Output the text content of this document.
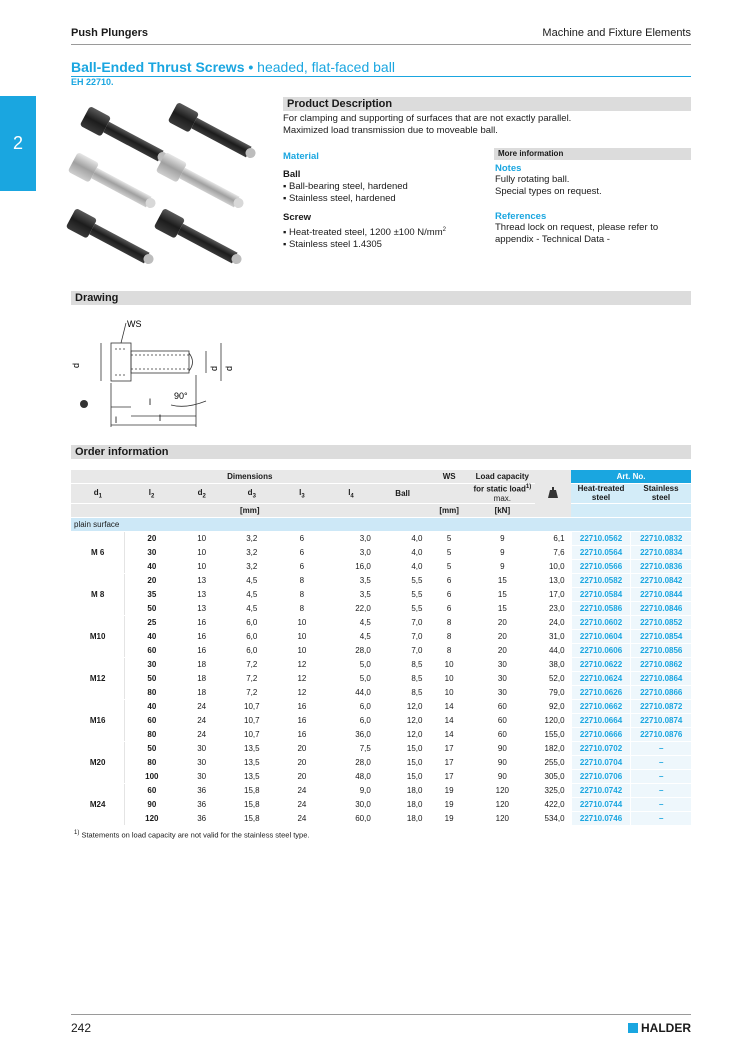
Push Plungers	Machine and Fixture Elements
2
Ball-Ended Thrust Screws • headed, flat-faced ball
EH 22710.
Product Description
For clamping and supporting of surfaces that are not exactly parallel.
Maximized load transmission due to moveable ball.
Material
Ball
▪ Ball-bearing steel, hardened
▪ Stainless steel, hardened
Screw
▪ Heat-treated steel, 1200 ±100 $N/mm^2$
▪ Stainless steel 1.4305
More information
Notes
Fully rotating ball.
Special types on request.
References
Thread lock on request, please refer to
appendix - Technical Data -
Drawing
WS
d
d d
l
90°
l	l
Order information
Dimensions							WS	Load capacity		Art. No.	
$d_1$	$l_2$	$d_2$	$d_3$	$l_3$	$l_4$	Ball		for static load$^{1)}$
max.		Heat-treated steel	Stainless steel
[mm]							[mm]	[kN]			
plain surface											
M 6	20	10	3,2	6	3,0	4,0	5	9	6,1	22710.0562	22710.0832
	30	10	3,2	6	3,0	4,0	5	9	7,6	22710.0564	22710.0834
	40	10	3,2	6	16,0	4,0	5	9	10,0	22710.0566	22710.0836
M 8	20	13	4,5	8	3,5	5,5	6	15	13,0	22710.0582	22710.0842
	35	13	4,5	8	3,5	5,5	6	15	17,0	22710.0584	22710.0844
	50	13	4,5	8	22,0	5,5	6	15	23,0	22710.0586	22710.0846
M10	25	16	6,0	10	4,5	7,0	8	20	24,0	22710.0602	22710.0852
	40	16	6,0	10	4,5	7,0	8	20	31,0	22710.0604	22710.0854
	60	16	6,0	10	28,0	7,0	8	20	44,0	22710.0606	22710.0856
M12	30	18	7,2	12	5,0	8,5	10	30	38,0	22710.0622	22710.0862
	50	18	7,2	12	5,0	8,5	10	30	52,0	22710.0624	22710.0864
	80	18	7,2	12	44,0	8,5	10	30	79,0	22710.0626	22710.0866
M16	40	24	10,7	16	6,0	12,0	14	60	92,0	22710.0662	22710.0872
	60	24	10,7	16	6,0	12,0	14	60	120,0	22710.0664	22710.0874
	80	24	10,7	16	36,0	12,0	14	60	155,0	22710.0666	22710.0876
M20	50	30	13,5	20	7,5	15,0	17	90	182,0	22710.0702	–
	80	30	13,5	20	28,0	15,0	17	90	255,0	22710.0704	–
	100	30	13,5	20	48,0	15,0	17	90	305,0	22710.0706	–
M24	60	36	15,8	24	9,0	18,0	19	120	325,0	22710.0742	–
	90	36	15,8	24	30,0	18,0	19	120	422,0	22710.0744	–
	120	36	15,8	24	60,0	18,0	19	120	534,0	22710.0746	–
$^{1)}$ Statements on load capacity are not valid for the stainless steel type.
242	HALDER
